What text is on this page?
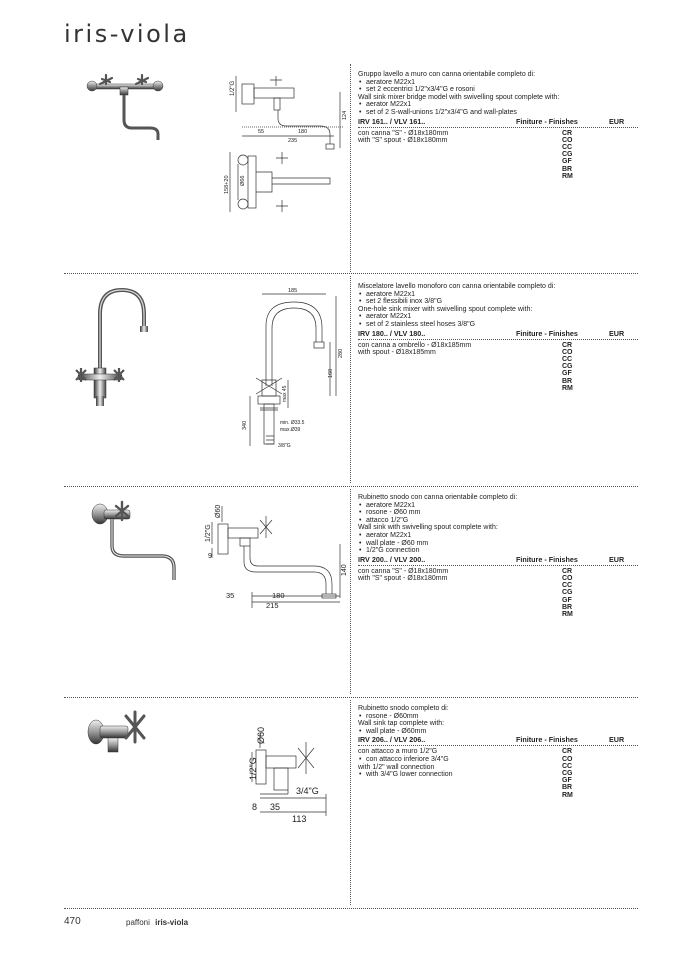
iris-viola
1/2"G
55	180
235
124
158+20 Ø66
Gruppo lavello a muro con canna orientabile completo di:
• aeratore M22x1
• set 2 eccentrici 1/2"x3/4"G e rosoni
Wall sink mixer bridge model with swivelling spout complete with:
• aerator M22x1
• set of 2 S-wall-unions 1/2"x3/4"G and wall-plates
IRV 161.. / VLV 161..	Finiture - Finishes	EUR
con canna "S" - Ø18x180mm
with "S" spout - Ø18x180mm
CR
CO
CC
CG
GF
BR
RM
185
280
160
max 45
340	min. Ø33.5
max.Ø39
3/8"G
Miscelatore lavello monoforo con canna orientabile completo di:
• aeratore M22x1
• set 2 flessibili inox 3/8"G
One-hole sink mixer with swivelling spout complete with:
• aerator M22x1
• set of 2 stainless steel hoses 3/8"G
IRV 180.. / VLV 180..	Finiture - Finishes	EUR
con canna a ombrello - Ø18x185mm
with spout - Ø18x185mm
CR
CO
CC
CG
GF
BR
RM
Ø60
1/2"G
9
140
35	180
215
Rubinetto snodo con canna orientabile completo di:
• aeratore M22x1
• rosone - Ø60 mm
• attacco 1/2"G
Wall sink with swivelling spout complete with:
• aerator M22x1
• wall plate - Ø60 mm
• 1/2"G connection
IRV 200.. / VLV 200..	Finiture - Finishes	EUR
con canna "S" - Ø18x180mm
with "S" spout - Ø18x180mm
CR
CO
CC
CG
GF
BR
RM
Ø60
1/2"G
3/4"G
8 35
113
Rubinetto snodo completo di:
• rosone - Ø60mm
Wall sink tap complete with:
• wall plate - Ø60mm
IRV 206.. / VLV 206..	Finiture - Finishes	EUR
con attacco a muro 1/2"G
• con attacco inferiore 3/4"G
with 1/2" wall connection
• with 3/4"G lower connection
CR
CO
CC
CG
GF
BR
RM
470	paffoni iris-viola
